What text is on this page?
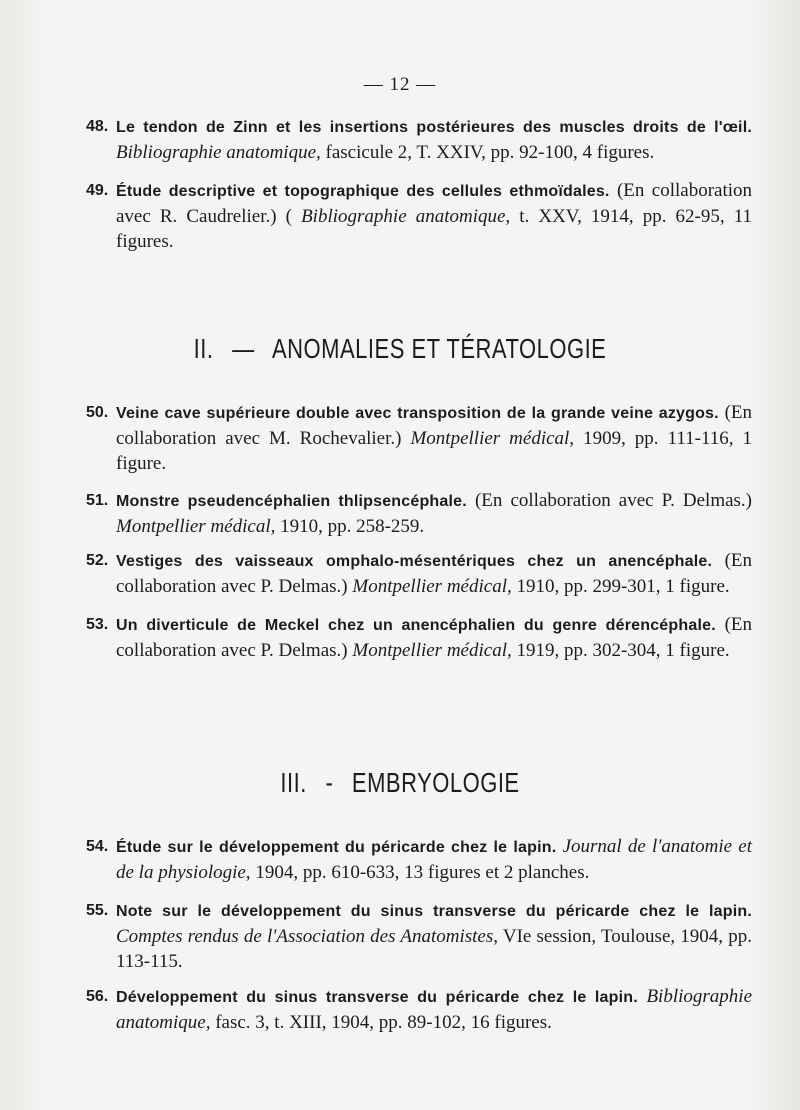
— 12 —
48. Le tendon de Zinn et les insertions postérieures des muscles droits de l'œil. Bibliographie anatomique, fascicule 2, T. XXIV, pp. 92-100, 4 figures.
49. Étude descriptive et topographique des cellules ethmoïdales. (En collaboration avec R. Caudrelier.) ( Bibliographie anatomique, t. XXV, 1914, pp. 62-95, 11 figures.
II. — ANOMALIES ET TÉRATOLOGIE
50. Veine cave supérieure double avec transposition de la grande veine azygos. (En collaboration avec M. Rochevalier.) Montpellier médical, 1909, pp. 111-116, 1 figure.
51. Monstre pseudencéphalien thlipsencéphale. (En collaboration avec P. Delmas.) Montpellier médical, 1910, pp. 258-259.
52. Vestiges des vaisseaux omphalo-mésentériques chez un anencéphale. (En collaboration avec P. Delmas.) Montpellier médical, 1910, pp. 299-301, 1 figure.
53. Un diverticule de Meckel chez un anencéphalien du genre dérencéphale. (En collaboration avec P. Delmas.) Montpellier médical, 1919, pp. 302-304, 1 figure.
III. - EMBRYOLOGIE
54. Étude sur le développement du péricarde chez le lapin. Journal de l'anatomie et de la physiologie, 1904, pp. 610-633, 13 figures et 2 planches.
55. Note sur le développement du sinus transverse du péricarde chez le lapin. Comptes rendus de l'Association des Anatomistes, VIe session, Toulouse, 1904, pp. 113-115.
56. Développement du sinus transverse du péricarde chez le lapin. Bibliographie anatomique, fasc. 3, t. XIII, 1904, pp. 89-102, 16 figures.
